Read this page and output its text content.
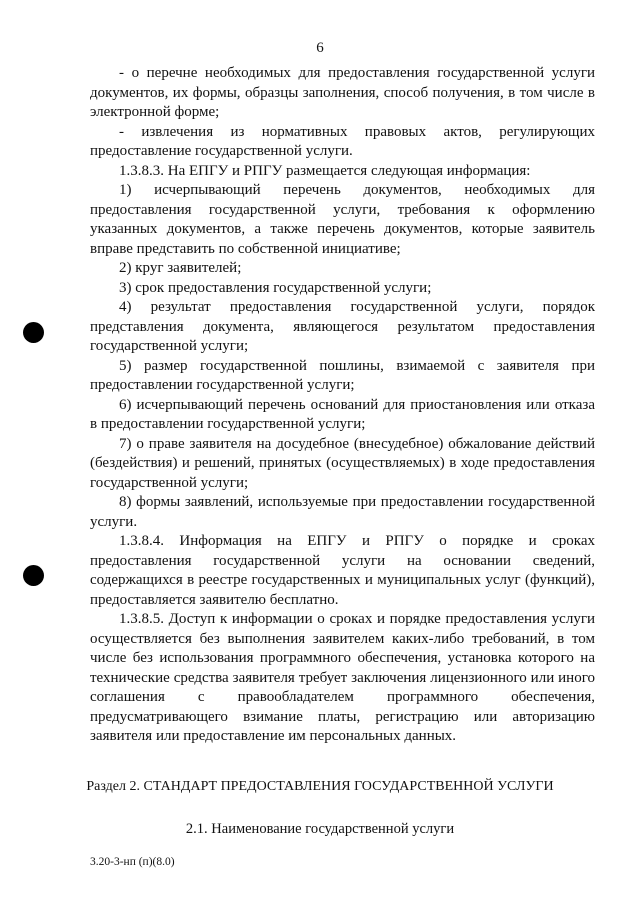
6

- о перечне необходимых для предоставления государственной услуги документов, их формы, образцы заполнения, способ получения, в том числе в электронной форме;

- извлечения из нормативных правовых актов, регулирующих предоставление государственной услуги.

1.3.8.3. На ЕПГУ и РПГУ размещается следующая информация:

1) исчерпывающий перечень документов, необходимых для предоставления государственной услуги, требования к оформлению указанных документов, а также перечень документов, которые заявитель вправе представить по собственной инициативе;

2) круг заявителей;

3) срок предоставления государственной услуги;

4) результат предоставления государственной услуги, порядок представления документа, являющегося результатом предоставления государственной услуги;

5) размер государственной пошлины, взимаемой с заявителя при предоставлении государственной услуги;

6) исчерпывающий перечень оснований для приостановления или отказа в предоставлении государственной услуги;

7) о праве заявителя на досудебное (внесудебное) обжалование действий (бездействия) и решений, принятых (осуществляемых) в ходе предоставления государственной услуги;

8) формы заявлений, используемые при предоставлении государственной услуги.

1.3.8.4. Информация на ЕПГУ и РПГУ о порядке и сроках предоставления государственной услуги на основании сведений, содержащихся в реестре государственных и муниципальных услуг (функций), предоставляется заявителю бесплатно.

1.3.8.5. Доступ к информации о сроках и порядке предоставления услуги осуществляется без выполнения заявителем каких-либо требований, в том числе без использования программного обеспечения, установка которого на технические средства заявителя требует заключения лицензионного или иного соглашения с правообладателем программного обеспечения, предусматривающего взимание платы, регистрацию или авторизацию заявителя или предоставление им персональных данных.

Раздел 2. СТАНДАРТ ПРЕДОСТАВЛЕНИЯ ГОСУДАРСТВЕННОЙ УСЛУГИ
2.1. Наименование государственной услуги
3.20-3-нп (п)(8.0)
